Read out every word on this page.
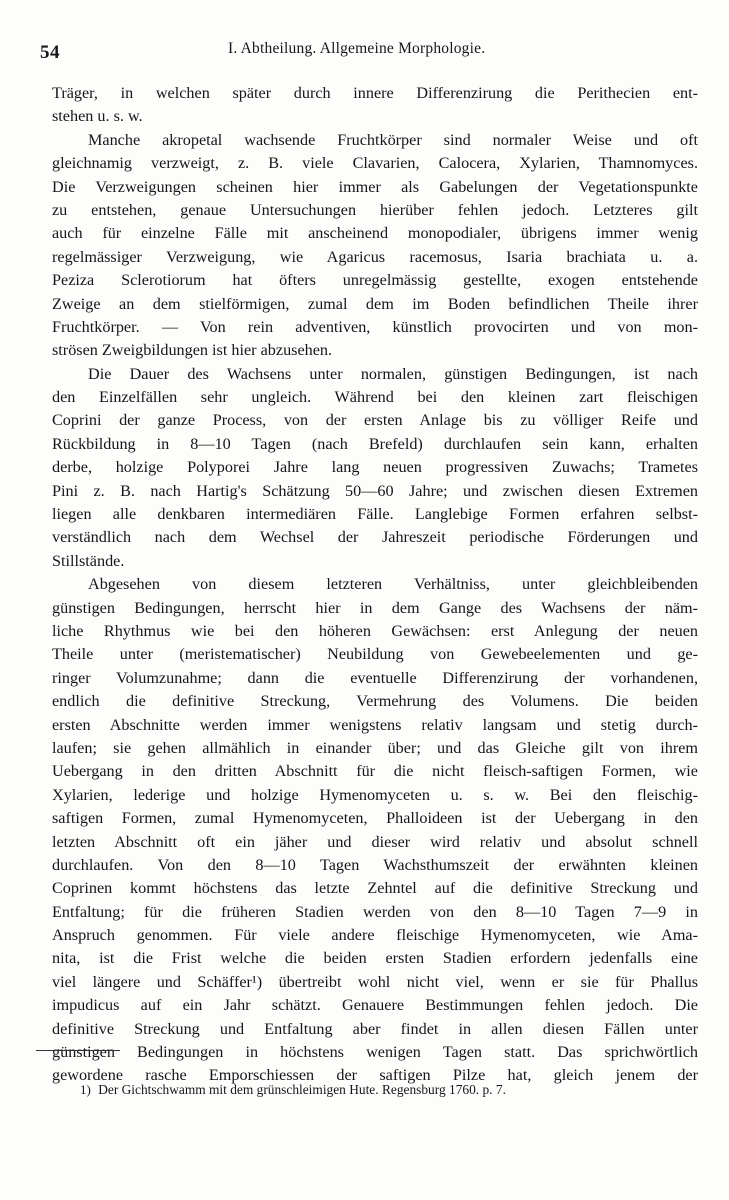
54	I. Abtheilung. Allgemeine Morphologie.
Träger, in welchen später durch innere Differenzirung die Perithecien ent-
stehen u. s. w.
Manche akropetal wachsende Fruchtkörper sind normaler Weise und oft
gleichnamig verzweigt, z. B. viele Clavarien, Calocera, Xylarien, Thamnomyces.
Die Verzweigungen scheinen hier immer als Gabelungen der Vegetationspunkte
zu entstehen, genaue Untersuchungen hierüber fehlen jedoch. Letzteres gilt
auch für einzelne Fälle mit anscheinend monopodialer, übrigens immer wenig
regelmässiger Verzweigung, wie Agaricus racemosus, Isaria brachiata u. a.
Peziza Sclerotiorum hat öfters unregelmässig gestellte, exogen entstehende
Zweige an dem stielförmigen, zumal dem im Boden befindlichen Theile ihrer
Fruchtkörper. — Von rein adventiven, künstlich provocirten und von mon-
strösen Zweigbildungen ist hier abzusehen.
Die Dauer des Wachsens unter normalen, günstigen Bedingungen, ist nach
den Einzelfällen sehr ungleich. Während bei den kleinen zart fleischigen
Coprini der ganze Process, von der ersten Anlage bis zu völliger Reife und
Rückbildung in 8—10 Tagen (nach Brefeld) durchlaufen sein kann, erhalten
derbe, holzige Polyporei Jahre lang neuen progressiven Zuwachs; Trametes
Pini z. B. nach Hartig's Schätzung 50—60 Jahre; und zwischen diesen Extremen
liegen alle denkbaren intermediären Fälle. Langlebige Formen erfahren selbst-
verständlich nach dem Wechsel der Jahreszeit periodische Förderungen und
Stillstände.
Abgesehen von diesem letzteren Verhältniss, unter gleichbleibenden
günstigen Bedingungen, herrscht hier in dem Gange des Wachsens der näm-
liche Rhythmus wie bei den höheren Gewächsen: erst Anlegung der neuen
Theile unter (meristematischer) Neubildung von Gewebeelementen und ge-
ringer Volumzunahme; dann die eventuelle Differenzirung der vorhandenen,
endlich die definitive Streckung, Vermehrung des Volumens. Die beiden
ersten Abschnitte werden immer wenigstens relativ langsam und stetig durch-
laufen; sie gehen allmählich in einander über; und das Gleiche gilt von ihrem
Uebergang in den dritten Abschnitt für die nicht fleisch-saftigen Formen, wie
Xylarien, lederige und holzige Hymenomyceten u. s. w. Bei den fleischig-
saftigen Formen, zumal Hymenomyceten, Phalloideen ist der Uebergang in den
letzten Abschnitt oft ein jäher und dieser wird relativ und absolut schnell
durchlaufen. Von den 8—10 Tagen Wachsthumszeit der erwähnten kleinen
Coprinen kommt höchstens das letzte Zehntel auf die definitive Streckung und
Entfaltung; für die früheren Stadien werden von den 8—10 Tagen 7—9 in
Anspruch genommen. Für viele andere fleischige Hymenomyceten, wie Ama-
nita, ist die Frist welche die beiden ersten Stadien erfordern jedenfalls eine
viel längere und Schäffer¹) übertreibt wohl nicht viel, wenn er sie für Phallus
impudicus auf ein Jahr schätzt. Genauere Bestimmungen fehlen jedoch. Die
definitive Streckung und Entfaltung aber findet in allen diesen Fällen unter
günstigen Bedingungen in höchstens wenigen Tagen statt. Das sprichwörtlich
gewordene rasche Emporschiessen der saftigen Pilze hat, gleich jenem der
1) Der Gichtschwamm mit dem grünschleimigen Hute. Regensburg 1760. p. 7.
